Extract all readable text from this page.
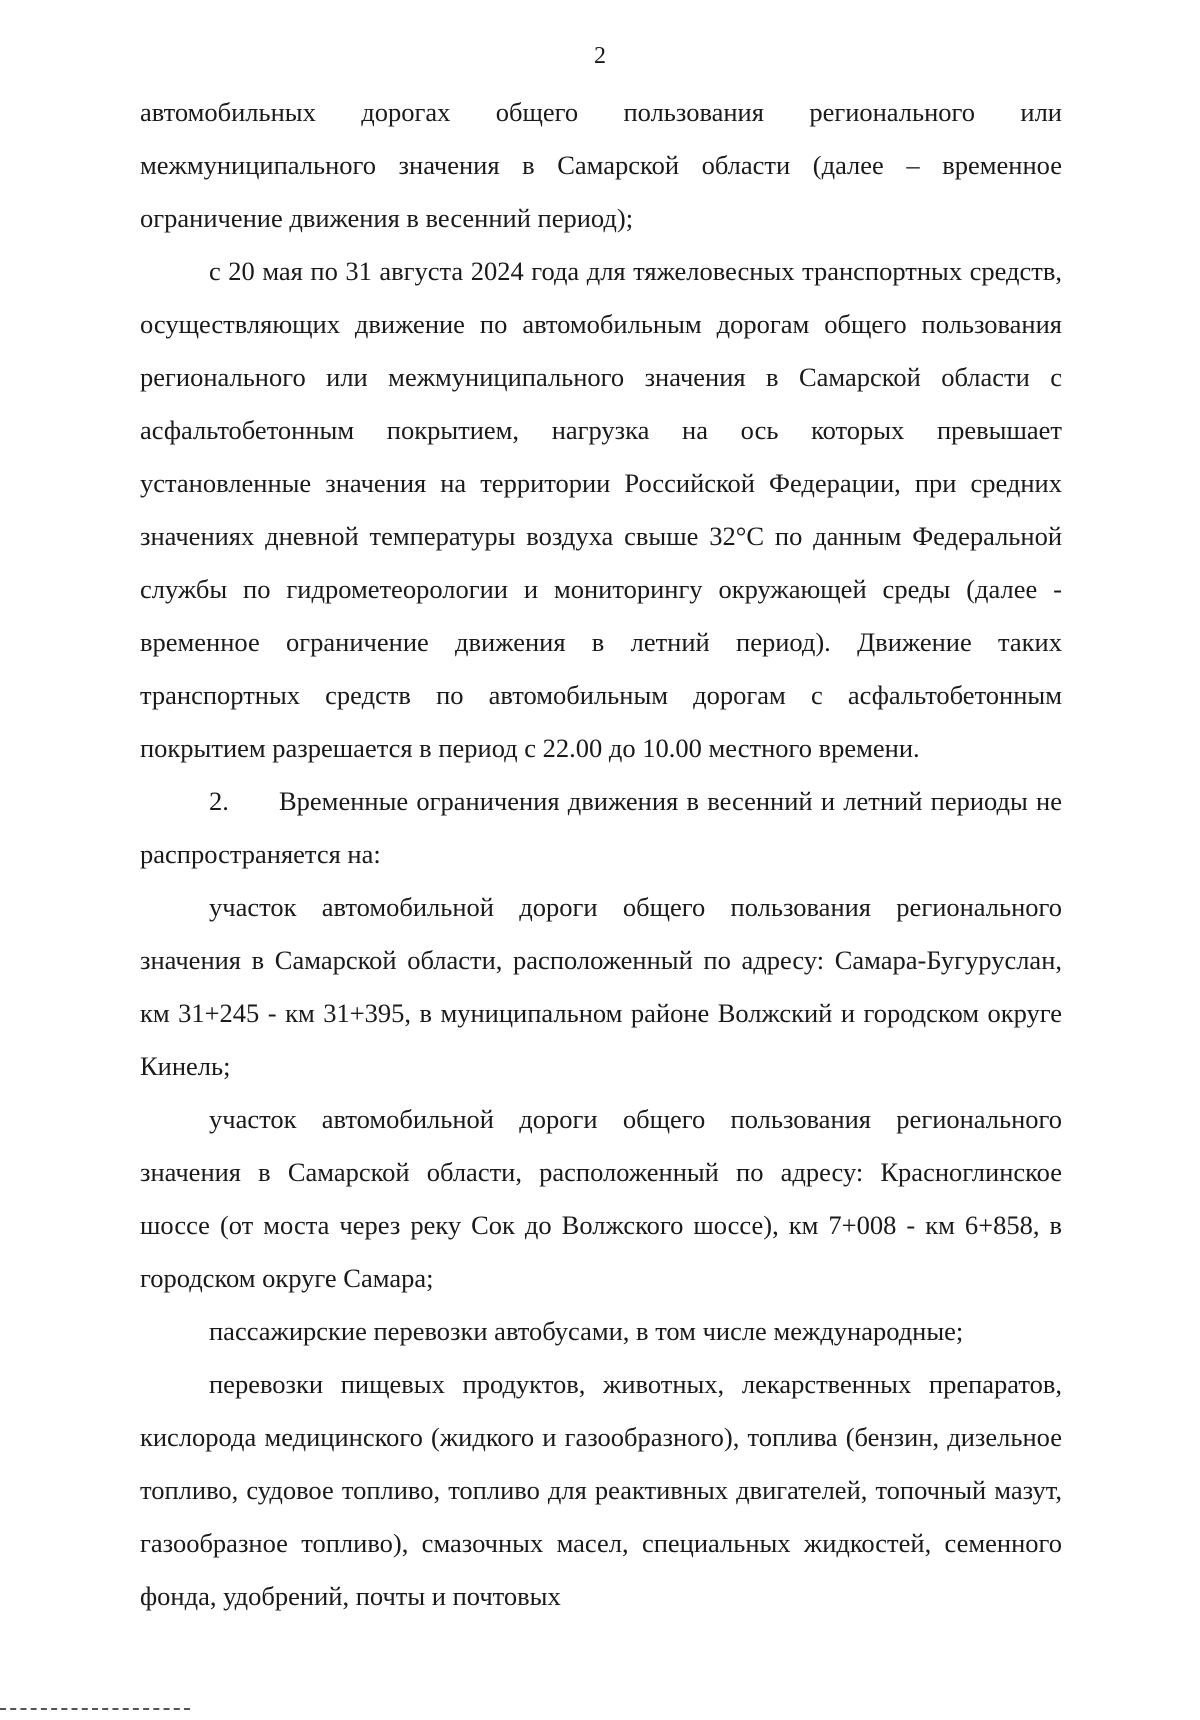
2

автомобильных дорогах общего пользования регионального или межмуниципального значения в Самарской области (далее – временное ограничение движения в весенний период);

с 20 мая по 31 августа 2024 года для тяжеловесных транспортных средств, осуществляющих движение по автомобильным дорогам общего пользования регионального или межмуниципального значения в Самарской области с асфальтобетонным покрытием, нагрузка на ось которых превышает установленные значения на территории Российской Федерации, при средних значениях дневной температуры воздуха свыше 32°С по данным Федеральной службы по гидрометеорологии и мониторингу окружающей среды (далее - временное ограничение движения в летний период). Движение таких транспортных средств по автомобильным дорогам с асфальтобетонным покрытием разрешается в период с 22.00 до 10.00 местного времени.

2. Временные ограничения движения в весенний и летний периоды не распространяется на:

участок автомобильной дороги общего пользования регионального значения в Самарской области, расположенный по адресу: Самара-Бугуруслан, км 31+245 - км 31+395, в муниципальном районе Волжский и городском округе Кинель;

участок автомобильной дороги общего пользования регионального значения в Самарской области, расположенный по адресу: Красноглинское шоссе (от моста через реку Сок до Волжского шоссе), км 7+008 - км 6+858, в городском округе Самара;

пассажирские перевозки автобусами, в том числе международные;

перевозки пищевых продуктов, животных, лекарственных препаратов, кислорода медицинского (жидкого и газообразного), топлива (бензин, дизельное топливо, судовое топливо, топливо для реактивных двигателей, топочный мазут, газообразное топливо), смазочных масел, специальных жидкостей, семенного фонда, удобрений, почты и почтовых
